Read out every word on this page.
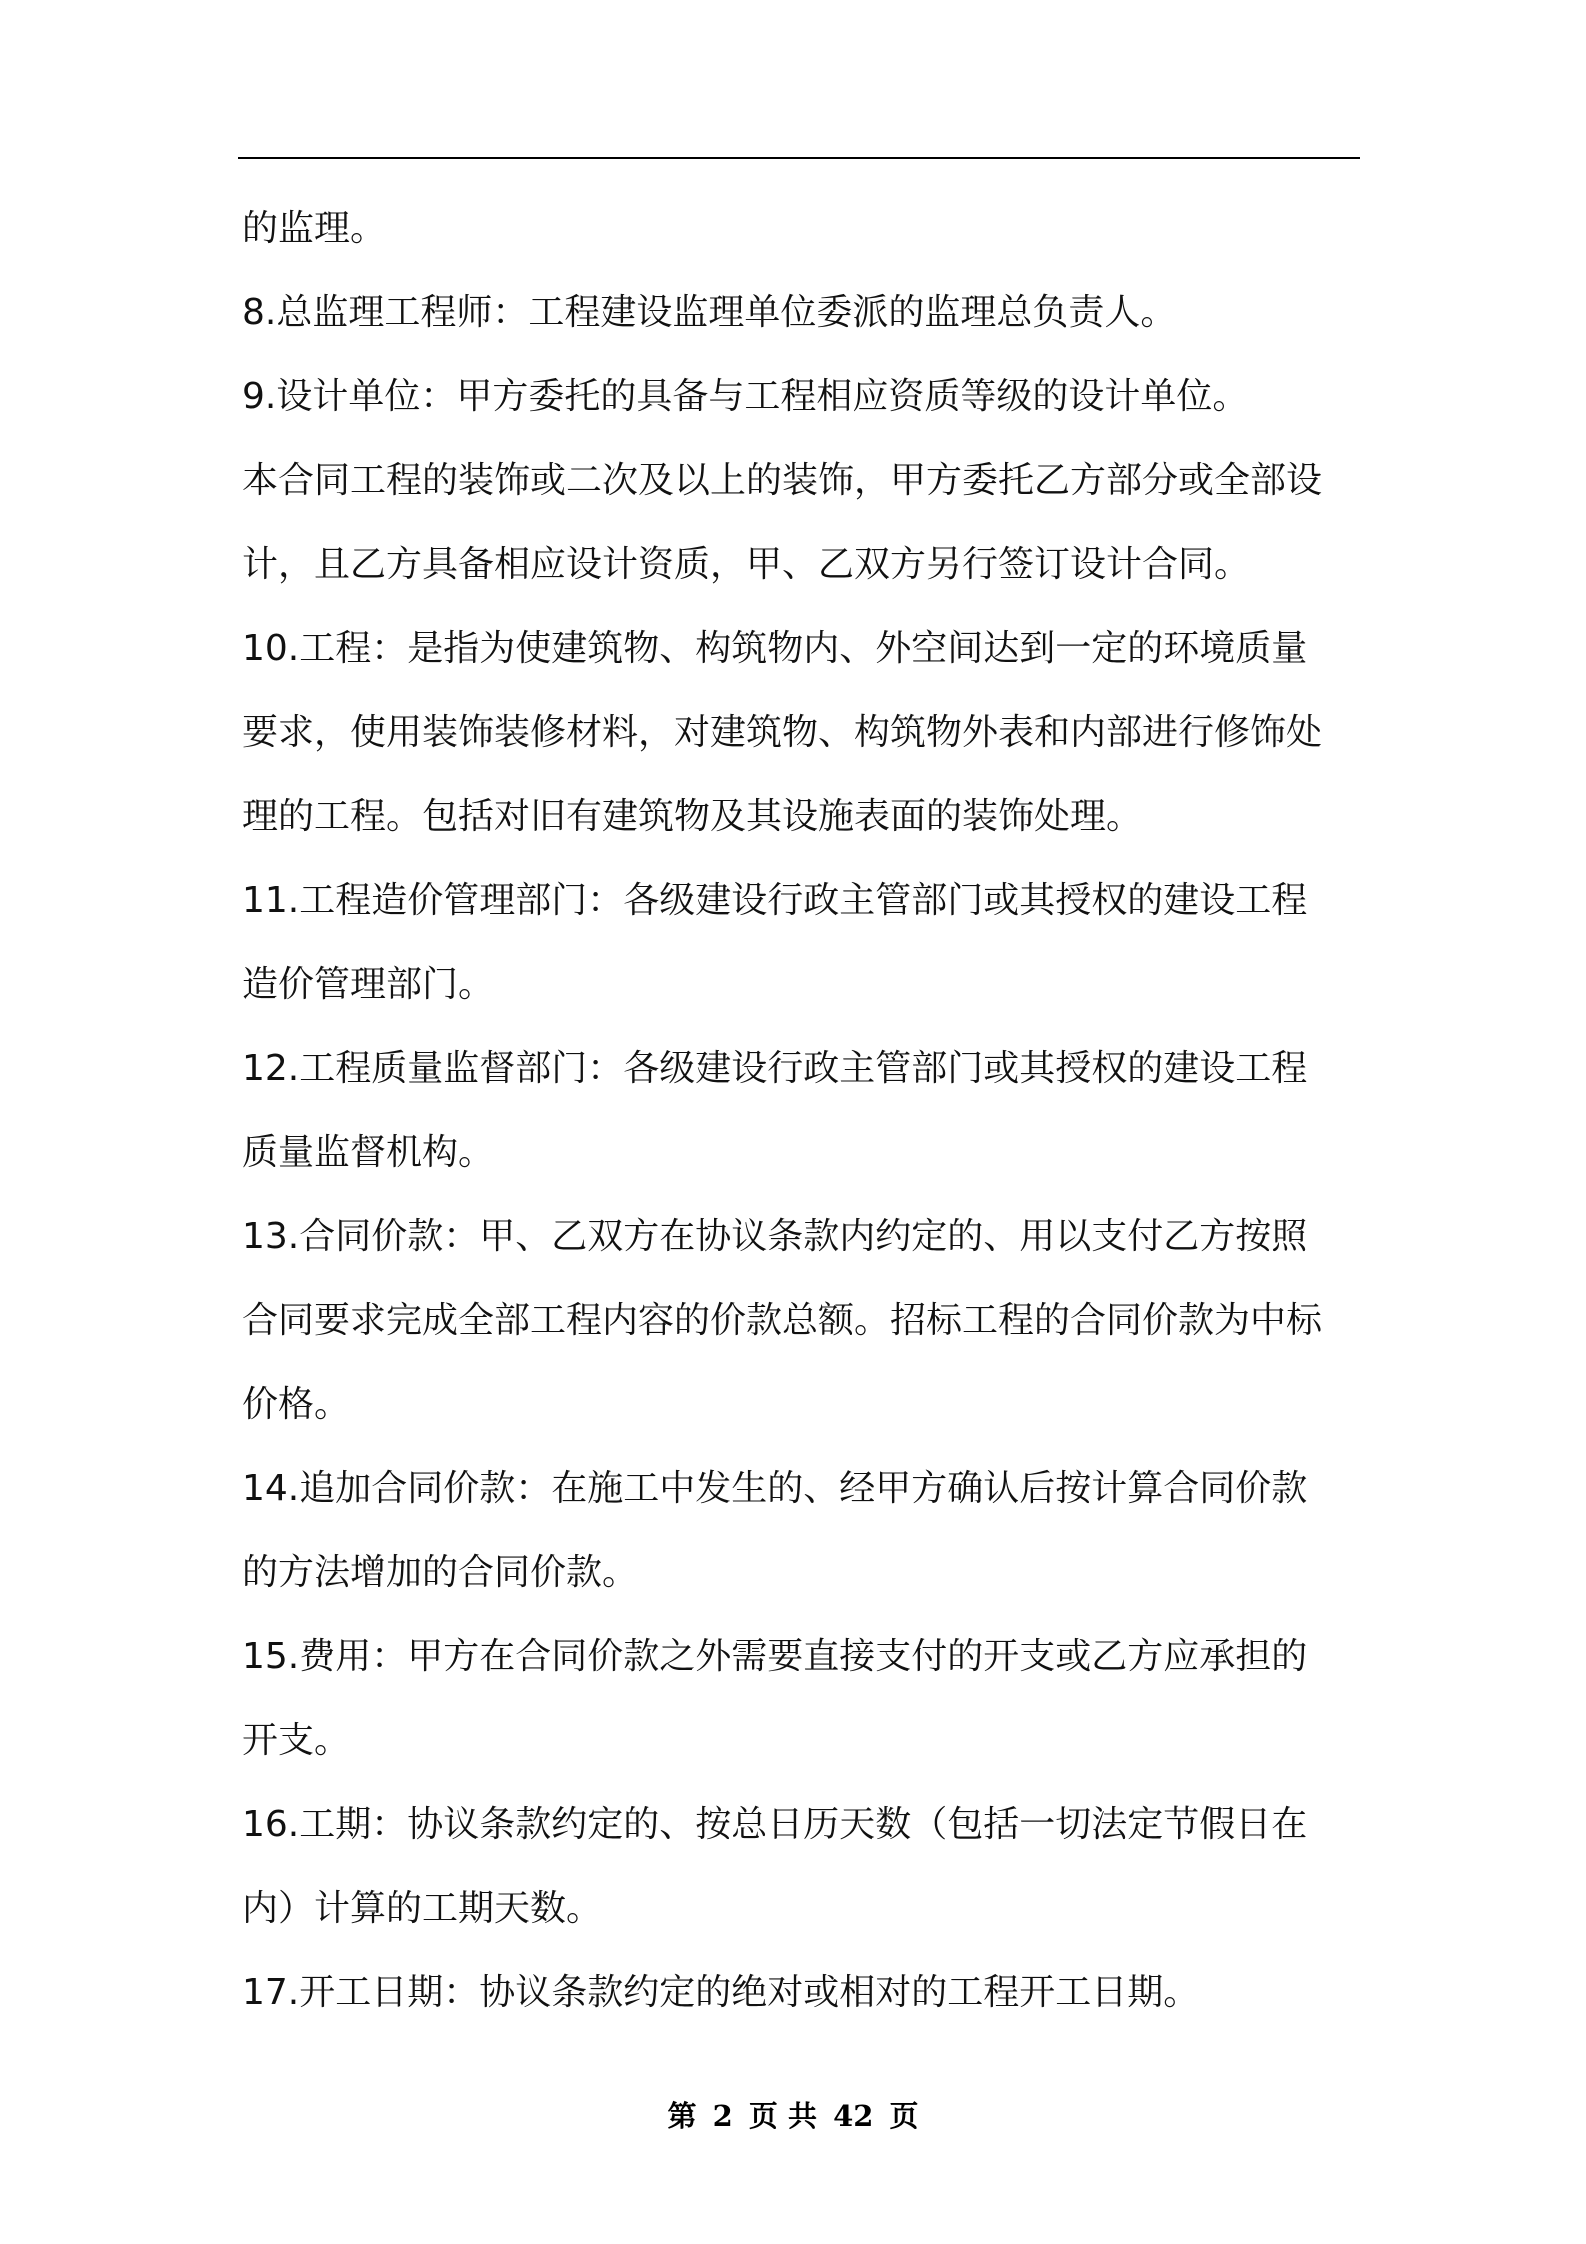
的监理。
8.总监理工程师：工程建设监理单位委派的监理总负责人。
9.设计单位：甲方委托的具备与工程相应资质等级的设计单位。
本合同工程的装饰或二次及以上的装饰，甲方委托乙方部分或全部设
计，且乙方具备相应设计资质，甲、乙双方另行签订设计合同。
10.工程：是指为使建筑物、构筑物内、外空间达到一定的环境质量
要求，使用装饰装修材料，对建筑物、构筑物外表和内部进行修饰处
理的工程。包括对旧有建筑物及其设施表面的装饰处理。
11.工程造价管理部门：各级建设行政主管部门或其授权的建设工程
造价管理部门。
12.工程质量监督部门：各级建设行政主管部门或其授权的建设工程
质量监督机构。
13.合同价款：甲、乙双方在协议条款内约定的、用以支付乙方按照
合同要求完成全部工程内容的价款总额。招标工程的合同价款为中标
价格。
14.追加合同价款：在施工中发生的、经甲方确认后按计算合同价款
的方法增加的合同价款。
15.费用：甲方在合同价款之外需要直接支付的开支或乙方应承担的
开支。
16.工期：协议条款约定的、按总日历天数（包括一切法定节假日在
内）计算的工期天数。
17.开工日期：协议条款约定的绝对或相对的工程开工日期。
第 2 页 共 42 页
